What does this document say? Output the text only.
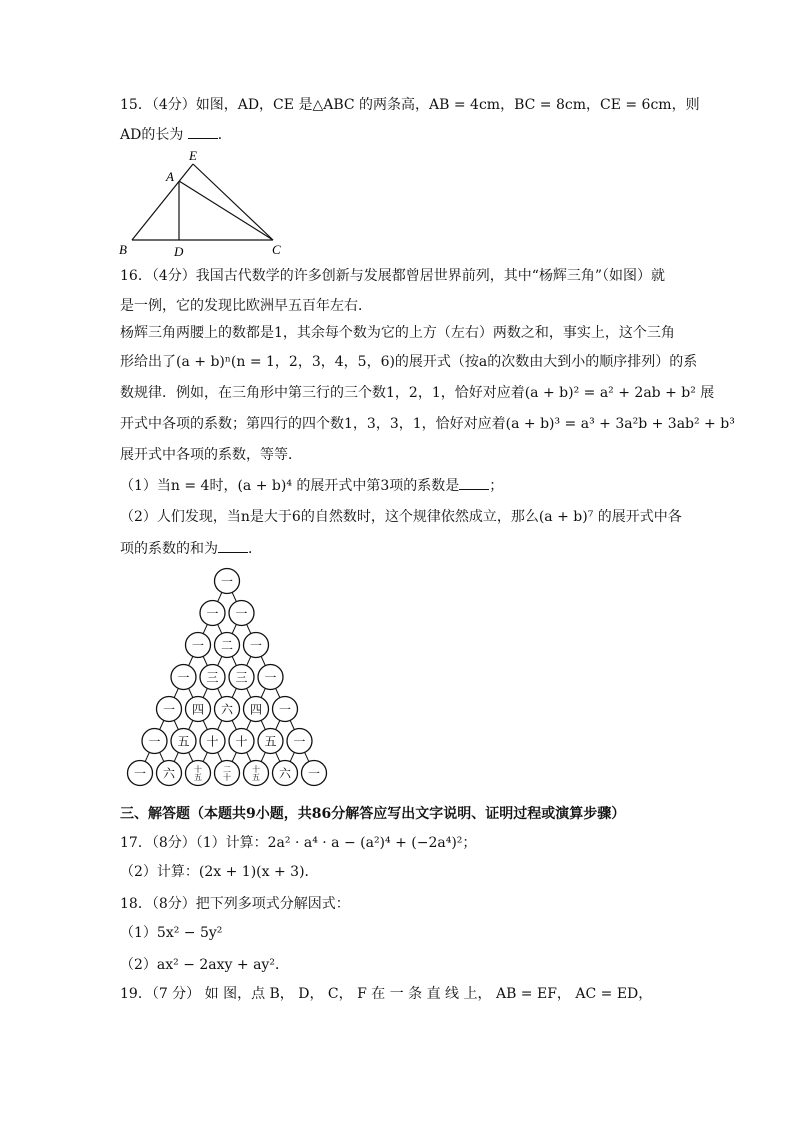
15．（4分）如图，AD，CE 是△ABC 的两条高，AB = 4cm，BC = 8cm，CE = 6cm，则
AD的长为 ．
E
A
B	D	C
16．（4分）我国古代数学的许多创新与发展都曾居世界前列，其中“杨辉三角”（如图）就
是一例，它的发现比欧洲早五百年左右．
杨辉三角两腰上的数都是1，其余每个数为它的上方（左右）两数之和，事实上，这个三角
形给出了(a + b)ⁿ(n = 1，2，3，4，5，6)的展开式（按a的次数由大到小的顺序排列）的系
数规律．例如，在三角形中第三行的三个数1，2，1，恰好对应着(a + b)² = a² + 2ab + b² 展
开式中各项的系数；第四行的四个数1，3，3，1，恰好对应着(a + b)³ = a³ + 3a²b + 3ab² + b³
展开式中各项的系数，等等．
（1）当n = 4时，(a + b)⁴ 的展开式中第3项的系数是 ；
（2）人们发现，当n是大于6的自然数时，这个规律依然成立，那么(a + b)⁷ 的展开式中各
项的系数的和为 ．
一
一 一
一 二 一
一 三 三 一
一 四 六 四 一
一 五 十 十 五 一
一 六 十五
二十
十五 六 一
三、解答题（本题共9小题，共86分解答应写出文字说明、证明过程或演算步骤）
17．（8分）（1）计算：2a² · a⁴ · a − (a²)⁴ + (−2a⁴)²；
（2）计算：(2x + 1)(x + 3)．
18．（8分）把下列多项式分解因式：
（1）5x² − 5y²
（2）ax² − 2axy + ay²．
19．（7 分） 如 图，点 B， D， C， F 在 一 条 直 线 上， AB = EF， AC = ED，
